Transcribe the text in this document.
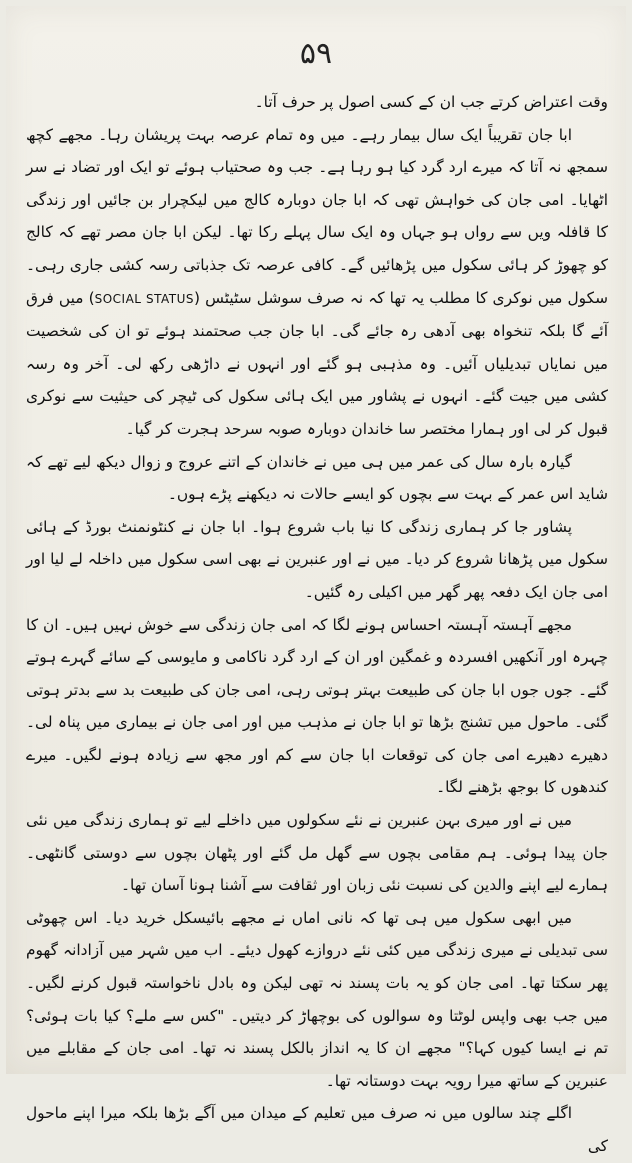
۵۹

وقت اعتراض کرتے جب ان کے کسی اصول پر حرف آتا۔

ابا جان تقریباً ایک سال بیمار رہے۔ میں وہ تمام عرصہ بہت پریشان رہا۔ مجھے کچھ سمجھ نہ آتا کہ میرے ارد گرد کیا ہو رہا ہے۔ جب وہ صحتیاب ہوئے تو ایک اور تضاد نے سر اٹھایا۔ امی جان کی خواہش تھی کہ ابا جان دوبارہ کالج میں لیکچرار بن جائیں اور زندگی کا قافلہ ویں سے رواں ہو جہاں وہ ایک سال پہلے رکا تھا۔ لیکن ابا جان مصر تھے کہ کالج کو چھوڑ کر ہائی سکول میں پڑھائیں گے۔ کافی عرصہ تک جذباتی رسہ کشی جاری رہی۔ سکول میں نوکری کا مطلب یہ تھا کہ نہ صرف سوشل سٹیٹس (SOCIAL STATUS) میں فرق آئے گا بلکہ تنخواہ بھی آدھی رہ جائے گی۔ ابا جان جب صحتمند ہوئے تو ان کی شخصیت میں نمایاں تبدیلیاں آئیں۔ وہ مذہبی ہو گئے اور انہوں نے داڑھی رکھ لی۔ آخر وہ رسہ کشی میں جیت گئے۔ انہوں نے پشاور میں ایک ہائی سکول کی ٹیچر کی حیثیت سے نوکری قبول کر لی اور ہمارا مختصر سا خاندان دوبارہ صوبہ سرحد ہجرت کر گیا۔

گیارہ بارہ سال کی عمر میں ہی میں نے خاندان کے اتنے عروج و زوال دیکھ لیے تھے کہ شاید اس عمر کے بہت سے بچوں کو ایسے حالات نہ دیکھنے پڑے ہوں۔

پشاور جا کر ہماری زندگی کا نیا باب شروع ہوا۔ ابا جان نے کنٹونمنٹ بورڈ کے ہائی سکول میں پڑھانا شروع کر دیا۔ میں نے اور عنبرین نے بھی اسی سکول میں داخلہ لے لیا اور امی جان ایک دفعہ پھر گھر میں اکیلی رہ گئیں۔

مجھے آہستہ آہستہ احساس ہونے لگا کہ امی جان زندگی سے خوش نہیں ہیں۔ ان کا چہرہ اور آنکھیں افسردہ و غمگین اور ان کے ارد گرد ناکامی و مایوسی کے سائے گہرے ہوتے گئے۔ جوں جوں ابا جان کی طبیعت بہتر ہوتی رہی، امی جان کی طبیعت بد سے بدتر ہوتی گئی۔ ماحول میں تشنج بڑھا تو ابا جان نے مذہب میں اور امی جان نے بیماری میں پناہ لی۔ دھیرے دھیرے امی جان کی توقعات ابا جان سے کم اور مجھ سے زیادہ ہونے لگیں۔ میرے کندھوں کا بوجھ بڑھنے لگا۔

میں نے اور میری بہن عنبرین نے نئے سکولوں میں داخلے لیے تو ہماری زندگی میں نئی جان پیدا ہوئی۔ ہم مقامی بچوں سے گھل مل گئے اور پٹھان بچوں سے دوستی گانٹھی۔ ہمارے لیے اپنے والدین کی نسبت نئی زبان اور ثقافت سے آشنا ہونا آسان تھا۔

میں ابھی سکول میں ہی تھا کہ نانی اماں نے مجھے بائیسکل خرید دیا۔ اس چھوٹی سی تبدیلی نے میری زندگی میں کئی نئے دروازے کھول دیئے۔ اب میں شہر میں آزادانہ گھوم پھر سکتا تھا۔ امی جان کو یہ بات پسند نہ تھی لیکن وہ بادل ناخواستہ قبول کرنے لگیں۔ میں جب بھی واپس لوٹتا وہ سوالوں کی بوچھاڑ کر دیتیں۔ "کس سے ملے؟ کیا بات ہوئی؟ تم نے ایسا کیوں کہا؟" مجھے ان کا یہ انداز بالکل پسند نہ تھا۔ امی جان کے مقابلے میں عنبرین کے ساتھ میرا رویہ بہت دوستانہ تھا۔

اگلے چند سالوں میں نہ صرف میں تعلیم کے میدان میں آگے بڑھا بلکہ میرا اپنے ماحول کی
